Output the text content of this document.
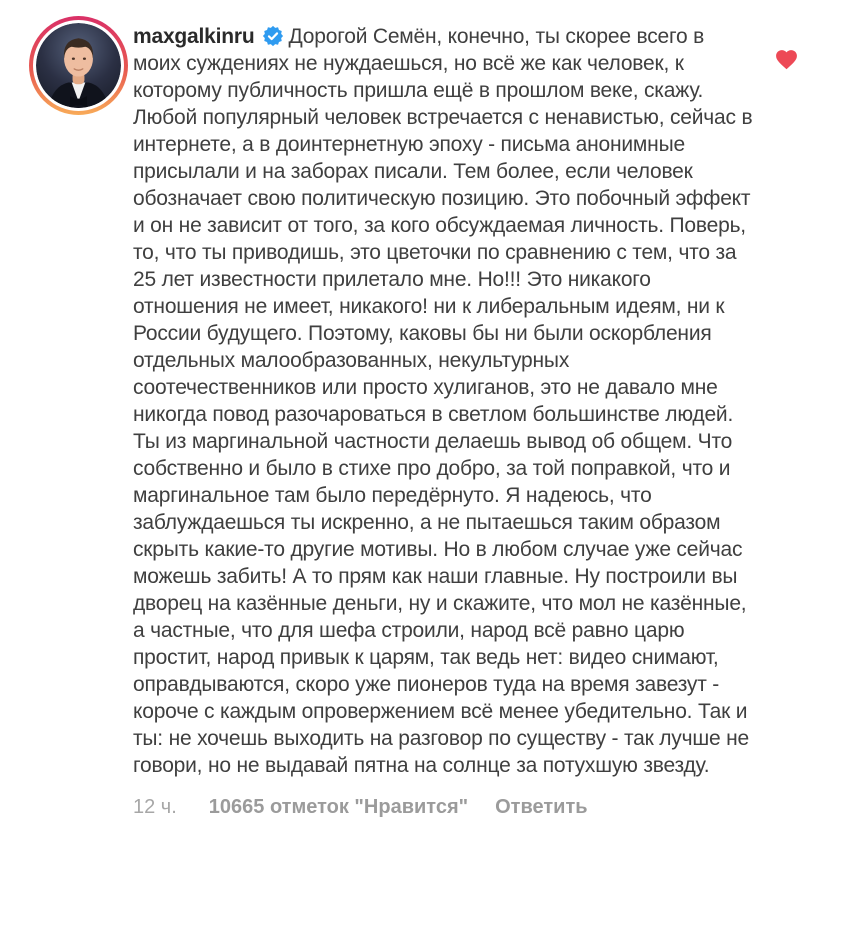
maxgalkinru Дорогой Семён, конечно, ты скорее всего в моих суждениях не нуждаешься, но всё же как человек, к которому публичность пришла ещё в прошлом веке, скажу. Любой популярный человек встречается с ненавистью, сейчас в интернете, а в доинтернетную эпоху - письма анонимные присылали и на заборах писали. Тем более, если человек обозначает свою политическую позицию. Это побочный эффект и он не зависит от того, за кого обсуждаемая личность. Поверь, то, что ты приводишь, это цветочки по сравнению с тем, что за 25 лет известности прилетало мне. Но!!! Это никакого отношения не имеет, никакого! ни к либеральным идеям, ни к России будущего. Поэтому, каковы бы ни были оскорбления отдельных малообразованных, некультурных соотечественников или просто хулиганов, это не давало мне никогда повод разочароваться в светлом большинстве людей. Ты из маргинальной частности делаешь вывод об общем. Что собственно и было в стихе про добро, за той поправкой, что и маргинальное там было передёрнуто. Я надеюсь, что заблуждаешься ты искренно, а не пытаешься таким образом скрыть какие-то другие мотивы. Но в любом случае уже сейчас можешь забить! А то прям как наши главные. Ну построили вы дворец на казённые деньги, ну и скажите, что мол не казённые, а частные, что для шефа строили, народ всё равно царю простит, народ привык к царям, так ведь нет: видео снимают, оправдываются, скоро уже пионеров туда на время завезут - короче с каждым опровержением всё менее убедительно. Так и ты: не хочешь выходить на разговор по существу - так лучше не говори, но не выдавай пятна на солнце за потухшую звезду.

12 ч. 10665 отметок "Нравится" Ответить
